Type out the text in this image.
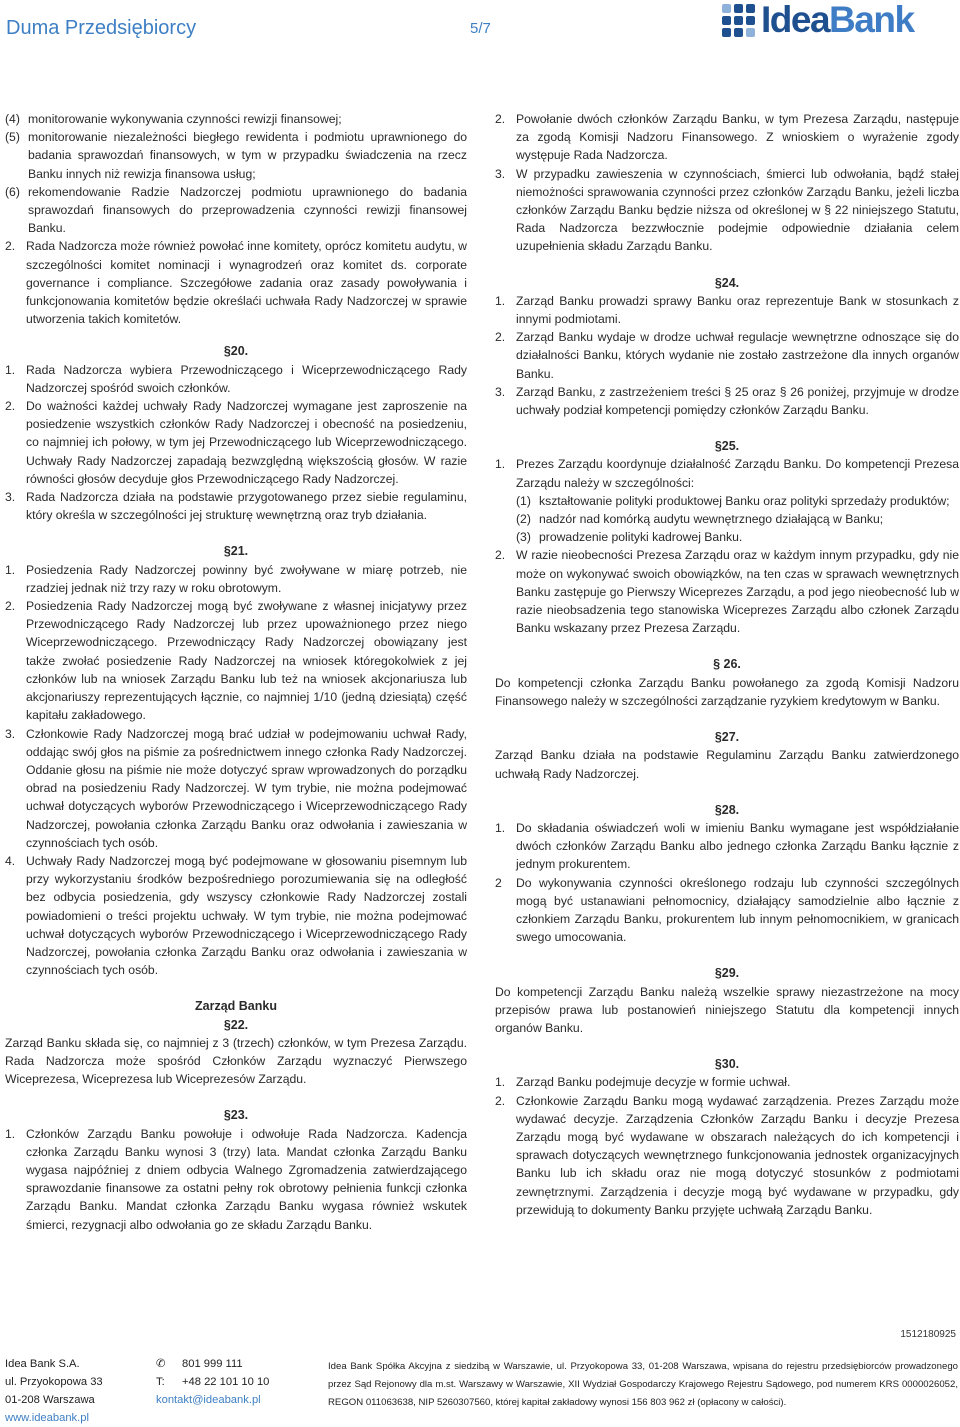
Duma Przedsiębiorcy	5/7	IdeaBank
(4) monitorowanie wykonywania czynności rewizji finansowej;
(5) monitorowanie niezależności biegłego rewidenta i podmiotu uprawnionego do badania sprawozdań finansowych, w tym w przypadku świadczenia na rzecz Banku innych niż rewizja finansowa usług;
(6) rekomendowanie Radzie Nadzorczej podmiotu uprawnionego do badania sprawozdań finansowych do przeprowadzenia czynności rewizji finansowej Banku.
2. Rada Nadzorcza może również powołać inne komitety, oprócz komitetu audytu, w szczególności komitet nominacji i wynagrodzeń oraz komitet ds. corporate governance i compliance. Szczegółowe zadania oraz zasady powoływania i funkcjonowania komitetów będzie określaći uchwała Rady Nadzorczej w sprawie utworzenia takich komitetów.
§20.
1. Rada Nadzorcza wybiera Przewodniczącego i Wiceprzewodniczącego Rady Nadzorczej spośród swoich członków.
2. Do ważności każdej uchwały Rady Nadzorczej wymagane jest zaproszenie na posiedzenie wszystkich członków Rady Nadzorczej i obecność na posiedzeniu, co najmniej ich połowy, w tym jej Przewodniczącego lub Wiceprzewodniczącego. Uchwały Rady Nadzorczej zapadają bezwzględną większością głosów. W razie równości głosów decyduje głos Przewodniczącego Rady Nadzorczej.
3. Rada Nadzorcza działa na podstawie przygotowanego przez siebie regulaminu, który określa w szczególności jej strukturę wewnętrzną oraz tryb działania.
§21.
1. Posiedzenia Rady Nadzorczej powinny być zwoływane w miarę potrzeb, nie rzadziej jednak niż trzy razy w roku obrotowym.
2. Posiedzenia Rady Nadzorczej mogą być zwoływane z własnej inicjatywy przez Przewodniczącego Rady Nadzorczej lub przez upoważnionego przez niego Wiceprzewodniczącego. Przewodniczący Rady Nadzorczej obowiązany jest także zwołać posiedzenie Rady Nadzorczej na wniosek któregokolwiek z jej członków lub na wniosek Zarządu Banku lub też na wniosek akcjonariusza lub akcjonariuszy reprezentujących łącznie, co najmniej 1/10 (jedną dziesiątą) część kapitału zakładowego.
3. Członkowie Rady Nadzorczej mogą brać udział w podejmowaniu uchwał Rady, oddając swój głos na piśmie za pośrednictwem innego członka Rady Nadzorczej. Oddanie głosu na piśmie nie może dotyczyć spraw wprowadzonych do porządku obrad na posiedzeniu Rady Nadzorczej. W tym trybie, nie można podejmować uchwał dotyczących wyborów Przewodniczącego i Wiceprzewodniczącego Rady Nadzorczej, powołania członka Zarządu Banku oraz odwołania i zawieszania w czynnościach tych osób.
4. Uchwały Rady Nadzorczej mogą być podejmowane w głosowaniu pisemnym lub przy wykorzystaniu środków bezpośredniego porozumiewania się na odległość bez odbycia posiedzenia, gdy wszyscy członkowie Rady Nadzorczej zostali powiadomieni o treści projektu uchwały. W tym trybie, nie można podejmować uchwał dotyczących wyborów Przewodniczącego i Wiceprzewodniczącego Rady Nadzorczej, powołania członka Zarządu Banku oraz odwołania i zawieszania w czynnościach tych osób.
Zarząd Banku
§22.
Zarząd Banku składa się, co najmniej z 3 (trzech) członków, w tym Prezesa Zarządu. Rada Nadzorcza może spośród Członków Zarządu wyznaczyć Pierwszego Wiceprezesa, Wiceprezesa lub Wiceprezesów Zarządu.
§23.
1. Członków Zarządu Banku powołuje i odwołuje Rada Nadzorcza. Kadencja członka Zarządu Banku wynosi 3 (trzy) lata. Mandat członka Zarządu Banku wygasa najpóźniej z dniem odbycia Walnego Zgromadzenia zatwierdzającego sprawozdanie finansowe za ostatni pełny rok obrotowy pełnienia funkcji członka Zarządu Banku. Mandat członka Zarządu Banku wygasa również wskutek śmierci, rezygnacji albo odwołania go ze składu Zarządu Banku.
2. Powołanie dwóch członków Zarządu Banku, w tym Prezesa Zarządu, następuje za zgodą Komisji Nadzoru Finansowego. Z wnioskiem o wyrażenie zgody występuje Rada Nadzorcza.
3. W przypadku zawieszenia w czynnościach, śmierci lub odwołania, bądź stałej niemożności sprawowania czynności przez członków Zarządu Banku, jeżeli liczba członków Zarządu Banku będzie niższa od określonej w § 22 niniejszego Statutu, Rada Nadzorcza bezzwłocznie podejmie odpowiednie działania celem uzupełnienia składu Zarządu Banku.
§24.
1. Zarząd Banku prowadzi sprawy Banku oraz reprezentuje Bank w stosunkach z innymi podmiotami.
2. Zarząd Banku wydaje w drodze uchwał regulacje wewnętrzne odnoszące się do działalności Banku, których wydanie nie zostało zastrzeżone dla innych organów Banku.
3. Zarząd Banku, z zastrzeżeniem treści § 25 oraz § 26 poniżej, przyjmuje w drodze uchwały podział kompetencji pomiędzy członków Zarządu Banku.
§25.
1. Prezes Zarządu koordynuje działalność Zarządu Banku. Do kompetencji Prezesa Zarządu należy w szczególności:
(1) kształtowanie polityki produktowej Banku oraz polityki sprzedaży produktów;
(2) nadzór nad komórką audytu wewnętrznego działającą w Banku;
(3) prowadzenie polityki kadrowej Banku.
2. W razie nieobecności Prezesa Zarządu oraz w każdym innym przypadku, gdy nie może on wykonywać swoich obowiązków, na ten czas w sprawach wewnętrznych Banku zastępuje go Pierwszy Wiceprezes Zarządu, a pod jego nieobecność lub w razie nieobsadzenia tego stanowiska Wiceprezes Zarządu albo członek Zarządu Banku wskazany przez Prezesa Zarządu.
§ 26.
Do kompetencji członka Zarządu Banku powołanego za zgodą Komisji Nadzoru Finansowego należy w szczególności zarządzanie ryzykiem kredytowym w Banku.
§27.
Zarząd Banku działa na podstawie Regulaminu Zarządu Banku zatwierdzonego uchwałą Rady Nadzorczej.
§28.
1. Do składania oświadczeń woli w imieniu Banku wymagane jest współdziałanie dwóch członków Zarządu Banku albo jednego członka Zarządu Banku łącznie z jednym prokurentem.
2 Do wykonywania czynności określonego rodzaju lub czynności szczególnych mogą być ustanawiani pełnomocnicy, działający samodzielnie albo łącznie z członkiem Zarządu Banku, prokurentem lub innym pełnomocnikiem, w granicach swego umocowania.
§29.
Do kompetencji Zarządu Banku należą wszelkie sprawy niezastrzeżone na mocy przepisów prawa lub postanowień niniejszego Statutu dla kompetencji innych organów Banku.
§30.
1. Zarząd Banku podejmuje decyzje w formie uchwał.
2. Członkowie Zarządu Banku mogą wydawać zarządzenia. Prezes Zarządu może wydawać decyzje. Zarządzenia Członków Zarządu Banku i decyzje Prezesa Zarządu mogą być wydawane w obszarach należących do ich kompetencji i sprawach dotyczących wewnętrznego funkcjonowania jednostek organizacyjnych Banku lub ich składu oraz nie mogą dotyczyć stosunków z podmiotami zewnętrznymi. Zarządzenia i decyzje mogą być wydawane w przypadku, gdy przewidują to dokumenty Banku przyjęte uchwałą Zarządu Banku.
1512180925
Idea Bank S.A.
ul. Przyokopowa 33
01-208 Warszawa
www.ideabank.pl
✆	801 999 111
T:	+48 22 101 10 10
kontakt@ideabank.pl
Idea Bank Spółka Akcyjna z siedzibą w Warszawie, ul. Przyokopowa 33, 01-208 Warszawa, wpisana do rejestru przedsiębiorców prowadzonego przez Sąd Rejonowy dla m.st. Warszawy w Warszawie, XII Wydział Gospodarczy Krajowego Rejestru Sądowego, pod numerem KRS 0000026052, REGON 011063638, NIP 5260307560, której kapitał zakładowy wynosi 156 803 962 zł (opłacony w całości).
